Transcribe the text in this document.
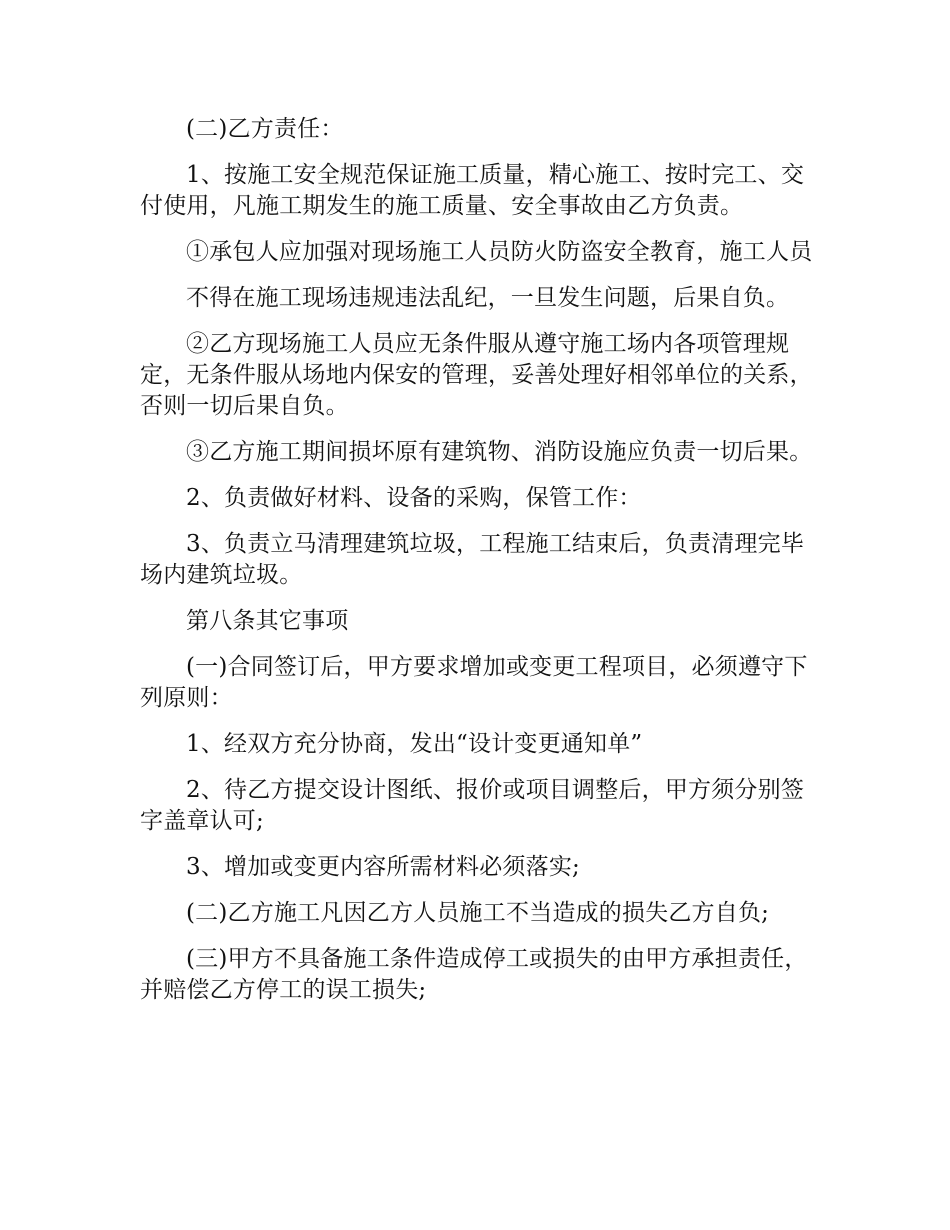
(二)乙方责任：

1、按施工安全规范保证施工质量，精心施工、按时完工、交付使用，凡施工期发生的施工质量、安全事故由乙方负责。

①承包人应加强对现场施工人员防火防盗安全教育，施工人员

不得在施工现场违规违法乱纪，一旦发生问题，后果自负。

②乙方现场施工人员应无条件服从遵守施工场内各项管理规定，无条件服从场地内保安的管理，妥善处理好相邻单位的关系，否则一切后果自负。

③乙方施工期间损坏原有建筑物、消防设施应负责一切后果。

2、负责做好材料、设备的采购，保管工作：

3、负责立马清理建筑垃圾，工程施工结束后，负责清理完毕场内建筑垃圾。

第八条其它事项

(一)合同签订后，甲方要求增加或变更工程项目，必须遵守下列原则：

1、经双方充分协商，发出“设计变更通知单”

2、待乙方提交设计图纸、报价或项目调整后，甲方须分别签字盖章认可;

3、增加或变更内容所需材料必须落实;

(二)乙方施工凡因乙方人员施工不当造成的损失乙方自负;

(三)甲方不具备施工条件造成停工或损失的由甲方承担责任，并赔偿乙方停工的误工损失;
